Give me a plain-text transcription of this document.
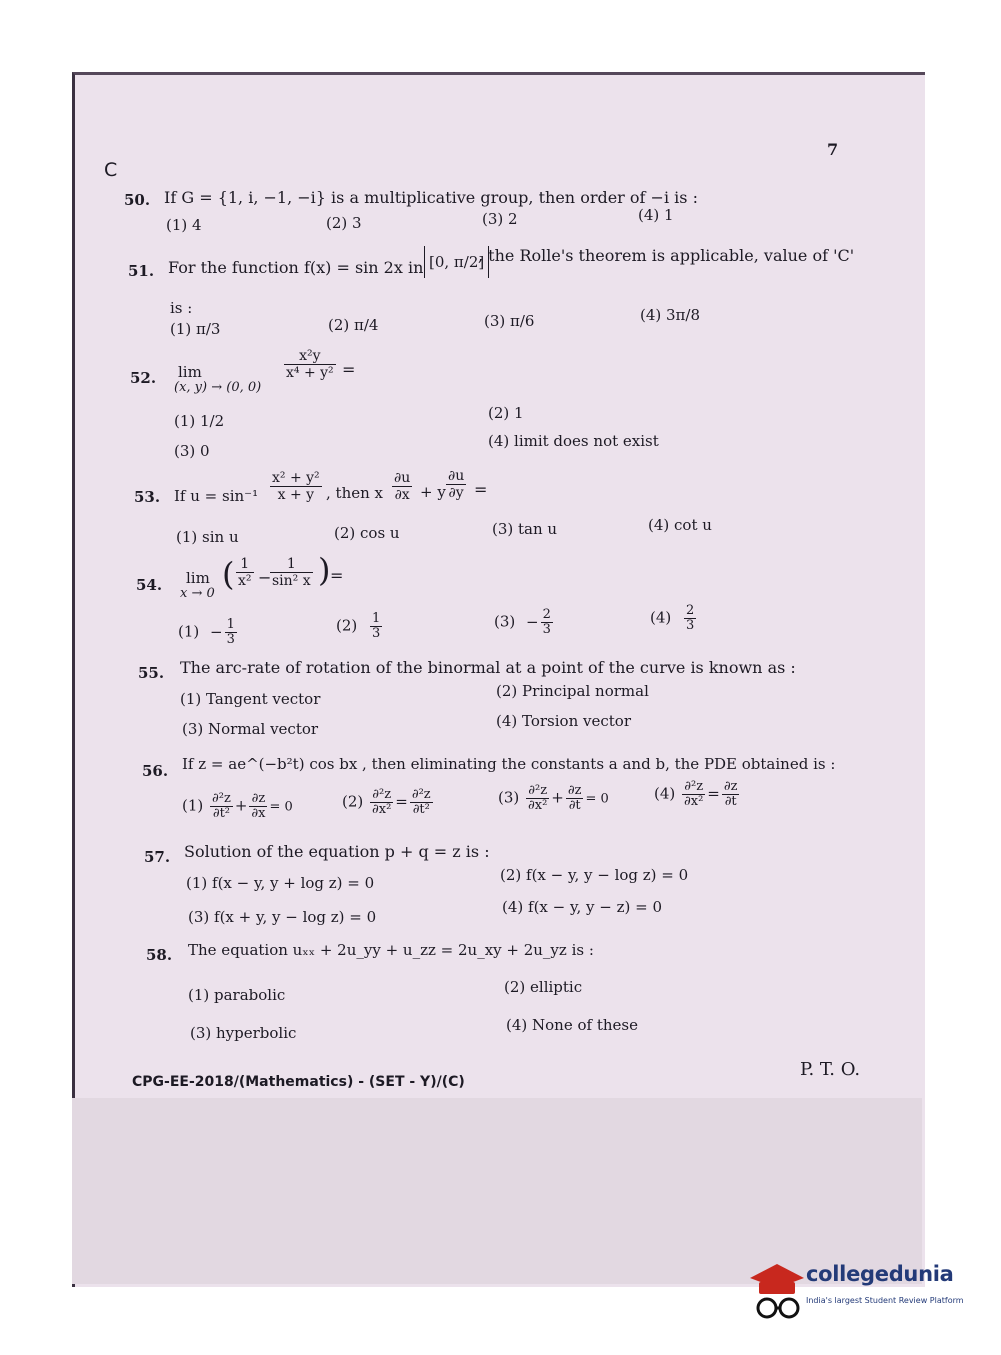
C
7
50. If G = {1, i, −1, −i} is a multiplicative group, then order of −i is :
(1) 4	(2) 3	(3) 2	(4) 1
51. For the function f(x) = sin 2x in [0, π/2]
, the Rolle's theorem is applicable, value of 'C'
is :
(1) π/3	(2) π/4	(3) π/6	(4) 3π/8
52. lim
(x, y) → (0, 0)
$\frac{\text{x²y}}{\text{x⁴ + y²}}$ =
(1) 1/2	(2) 1
(3) 0
(4) limit does not exist
53. If $u = \sin^{-1} \frac{\text{x² + y²}}{x + y}$ , then x $\frac{\partial u}{\partial x} + y \frac{\partial u}{\partial y}$ =
(1) sin u	(2) cos u	(3) tan u	(4) cot u
54. lim
x → 0
( $\frac{1}{\text{x²}}$ −
$\frac{1}{\text{sin² x}}$ ) =
$(1) - \frac{1}{3}$	$(2) \frac{1}{3}$	$(3) - \frac{2}{3}$	$(4) \frac{2}{3}$
55. The arc-rate of rotation of the binormal at a point of the curve is known as :
(1) Tangent vector	(2) Principal normal
(3) Normal vector	(4) Torsion vector
56. If z = ae^(−b²t) cos bx , then eliminating the constants a and b, the PDE obtained is :
$(1) \frac{\text{∂²z}}{\text{∂t²}} + \frac{\partial z}{\partial x} = 0$	$(2) \frac{\text{∂²z}}{\text{∂x²}} = \frac{\text{∂²z}}{\text{∂t²}}$	$(3) \frac{\text{∂²z}}{\text{∂x²}} + \frac{\partial z}{\partial t} = 0$	$(4) \frac{\text{∂²z}}{\text{∂x²}} = \frac{\partial z}{\partial t}$
57. Solution of the equation p + q = z is :
(1) f(x − y, y + log z) = 0	(2) f(x − y, y − log z) = 0
(3) f(x + y, y − log z) = 0
(4) f(x − y, y − z) = 0
58. The equation uₓₓ + 2u_yy + u_zz = 2u_xy + 2u_yz is :
(1) parabolic	(2) elliptic
(3) hyperbolic	(4) None of these
CPG-EE-2018/(Mathematics) - (SET - Y)/(C)
P. T. O.
collegedunia
India's largest Student Review Platform
